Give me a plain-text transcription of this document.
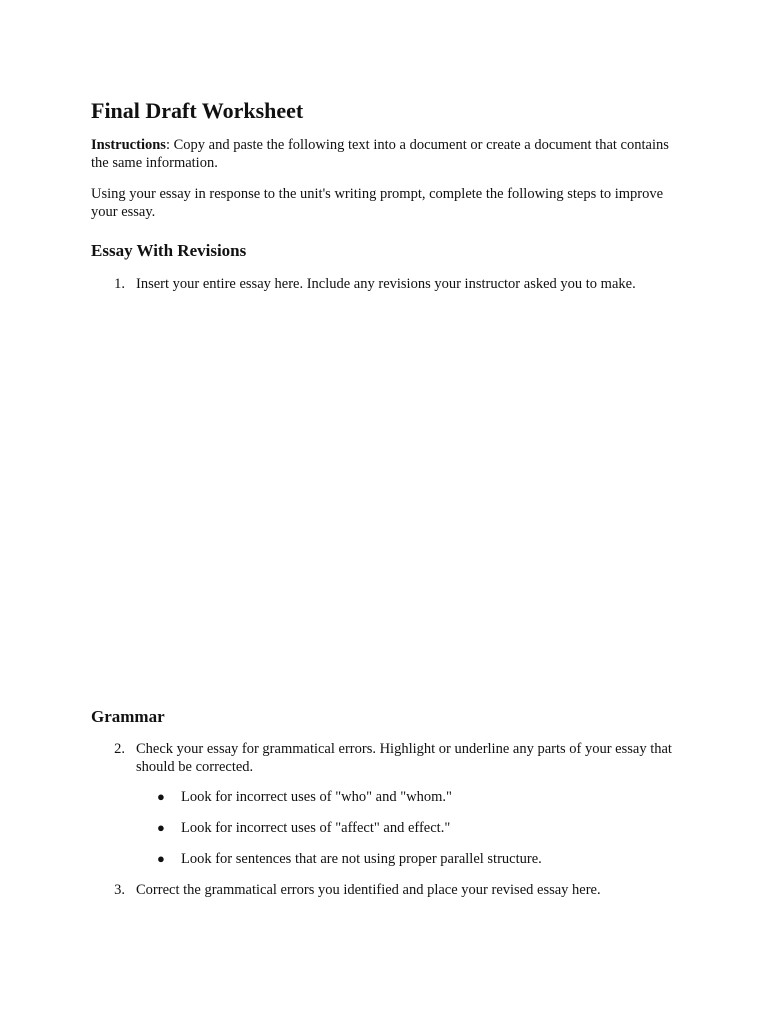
Final Draft Worksheet

Instructions: Copy and paste the following text into a document or create a document that contains the same information.

Using your essay in response to the unit's writing prompt, complete the following steps to improve your essay.

Essay With Revisions
1. Insert your entire essay here. Include any revisions your instructor asked you to make.
Grammar
2. Check your essay for grammatical errors. Highlight or underline any parts of your essay that should be corrected.
●	Look for incorrect uses of "who" and "whom."
●	Look for incorrect uses of "affect" and effect."
●	Look for sentences that are not using proper parallel structure.
3. Correct the grammatical errors you identified and place your revised essay here.
